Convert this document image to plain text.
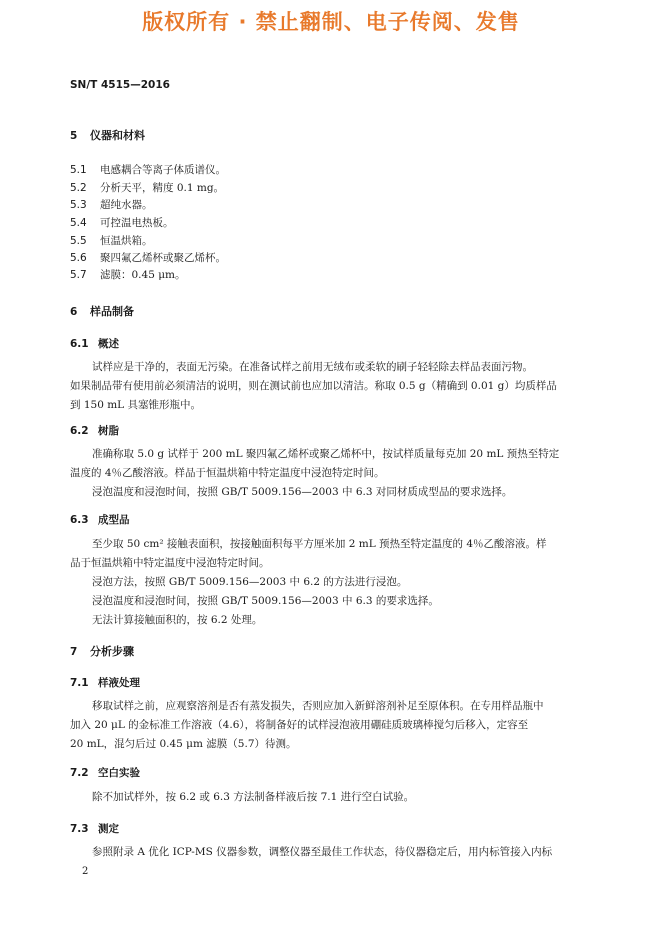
版权所有 · 禁止翻制、电子传阅、发售
SN/T 4515—2016
5 仪器和材料
5.1 电感耦合等离子体质谱仪。
5.2 分析天平，精度 0.1 mg。
5.3 超纯水器。
5.4 可控温电热板。
5.5 恒温烘箱。
5.6 聚四氟乙烯杯或聚乙烯杯。
5.7 滤膜：0.45 μm。
6 样品制备
6.1 概述
试样应是干净的，表面无污染。在准备试样之前用无绒布或柔软的刷子轻轻除去样品表面污物。
如果制品带有使用前必须清洁的说明，则在测试前也应加以清洁。称取 0.5 g（精确到 0.01 g）均质样品
到 150 mL 具塞锥形瓶中。
6.2 树脂
准确称取 5.0 g 试样于 200 mL 聚四氟乙烯杯或聚乙烯杯中，按试样质量每克加 20 mL 预热至特定
温度的 4％乙酸溶液。样品于恒温烘箱中特定温度中浸泡特定时间。
浸泡温度和浸泡时间，按照 GB/T 5009.156—2003 中 6.3 对同材质成型品的要求选择。
6.3 成型品
至少取 50 cm² 接触表面积，按接触面积每平方厘米加 2 mL 预热至特定温度的 4％乙酸溶液。样
品于恒温烘箱中特定温度中浸泡特定时间。
浸泡方法，按照 GB/T 5009.156—2003 中 6.2 的方法进行浸泡。
浸泡温度和浸泡时间，按照 GB/T 5009.156—2003 中 6.3 的要求选择。
无法计算接触面积的，按 6.2 处理。
7 分析步骤
7.1 样液处理
移取试样之前，应观察溶剂是否有蒸发损失，否则应加入新鲜溶剂补足至原体积。在专用样品瓶中
加入 20 μL 的金标准工作溶液（4.6），将制备好的试样浸泡液用硼硅质玻璃棒搅匀后移入，定容至
20 mL，混匀后过 0.45 μm 滤膜（5.7）待测。
7.2 空白实验
除不加试样外，按 6.2 或 6.3 方法制备样液后按 7.1 进行空白试验。
7.3 测定
参照附录 A 优化 ICP-MS 仪器参数，调整仪器至最佳工作状态，待仪器稳定后，用内标管接入内标
2
